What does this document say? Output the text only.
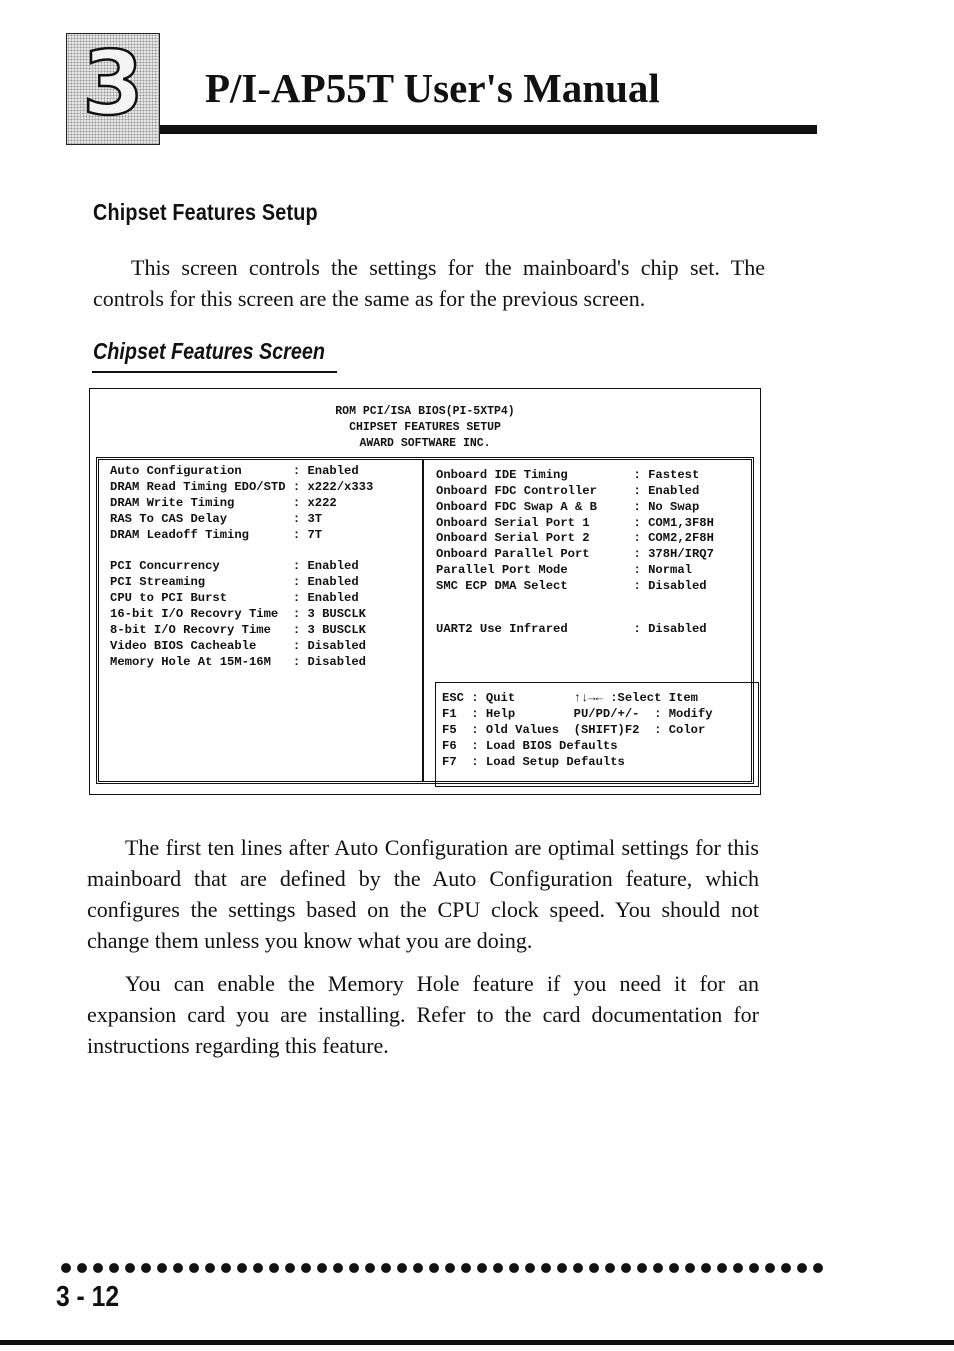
3	P/I-AP55T User's Manual
Chipset Features Setup

This screen controls the settings for the mainboard's chip set. The controls for this screen are the same as for the previous screen.

Chipset Features Screen

ROM PCI/ISA BIOS(PI-5XTP4)

CHIPSET FEATURES SETUP

AWARD SOFTWARE INC.

Auto Configuration       : Enabled

DRAM Read Timing EDO/STD : x222/x333

DRAM Write Timing        : x222

RAS To CAS Delay         : 3T

DRAM Leadoff Timing      : 7T

PCI Concurrency          : Enabled

PCI Streaming            : Enabled

CPU to PCI Burst         : Enabled

16-bit I/O Recovry Time  : 3 BUSCLK

8-bit I/O Recovry Time   : 3 BUSCLK

Video BIOS Cacheable     : Disabled

Memory Hole At 15M-16M   : Disabled

Onboard IDE Timing         : Fastest

Onboard FDC Controller     : Enabled

Onboard FDC Swap A & B     : No Swap

Onboard Serial Port 1      : COM1,3F8H

Onboard Serial Port 2      : COM2,2F8H

Onboard Parallel Port      : 378H/IRQ7

Parallel Port Mode         : Normal

SMC ECP DMA Select         : Disabled

UART2 Use Infrared         : Disabled

ESC : Quit        ↑↓→← :Select Item

F1  : Help        PU/PD/+/-  : Modify

F5  : Old Values  (SHIFT)F2  : Color

F6  : Load BIOS Defaults

F7  : Load Setup Defaults

The first ten lines after Auto Configuration are optimal settings for this mainboard that are defined by the Auto Configuration feature, which configures the settings based on the CPU clock speed. You should not change them unless you know what you are doing.

You can enable the Memory Hole feature if you need it for an expansion card you are installing. Refer to the card documentation for instructions regarding this feature.

3 - 12
